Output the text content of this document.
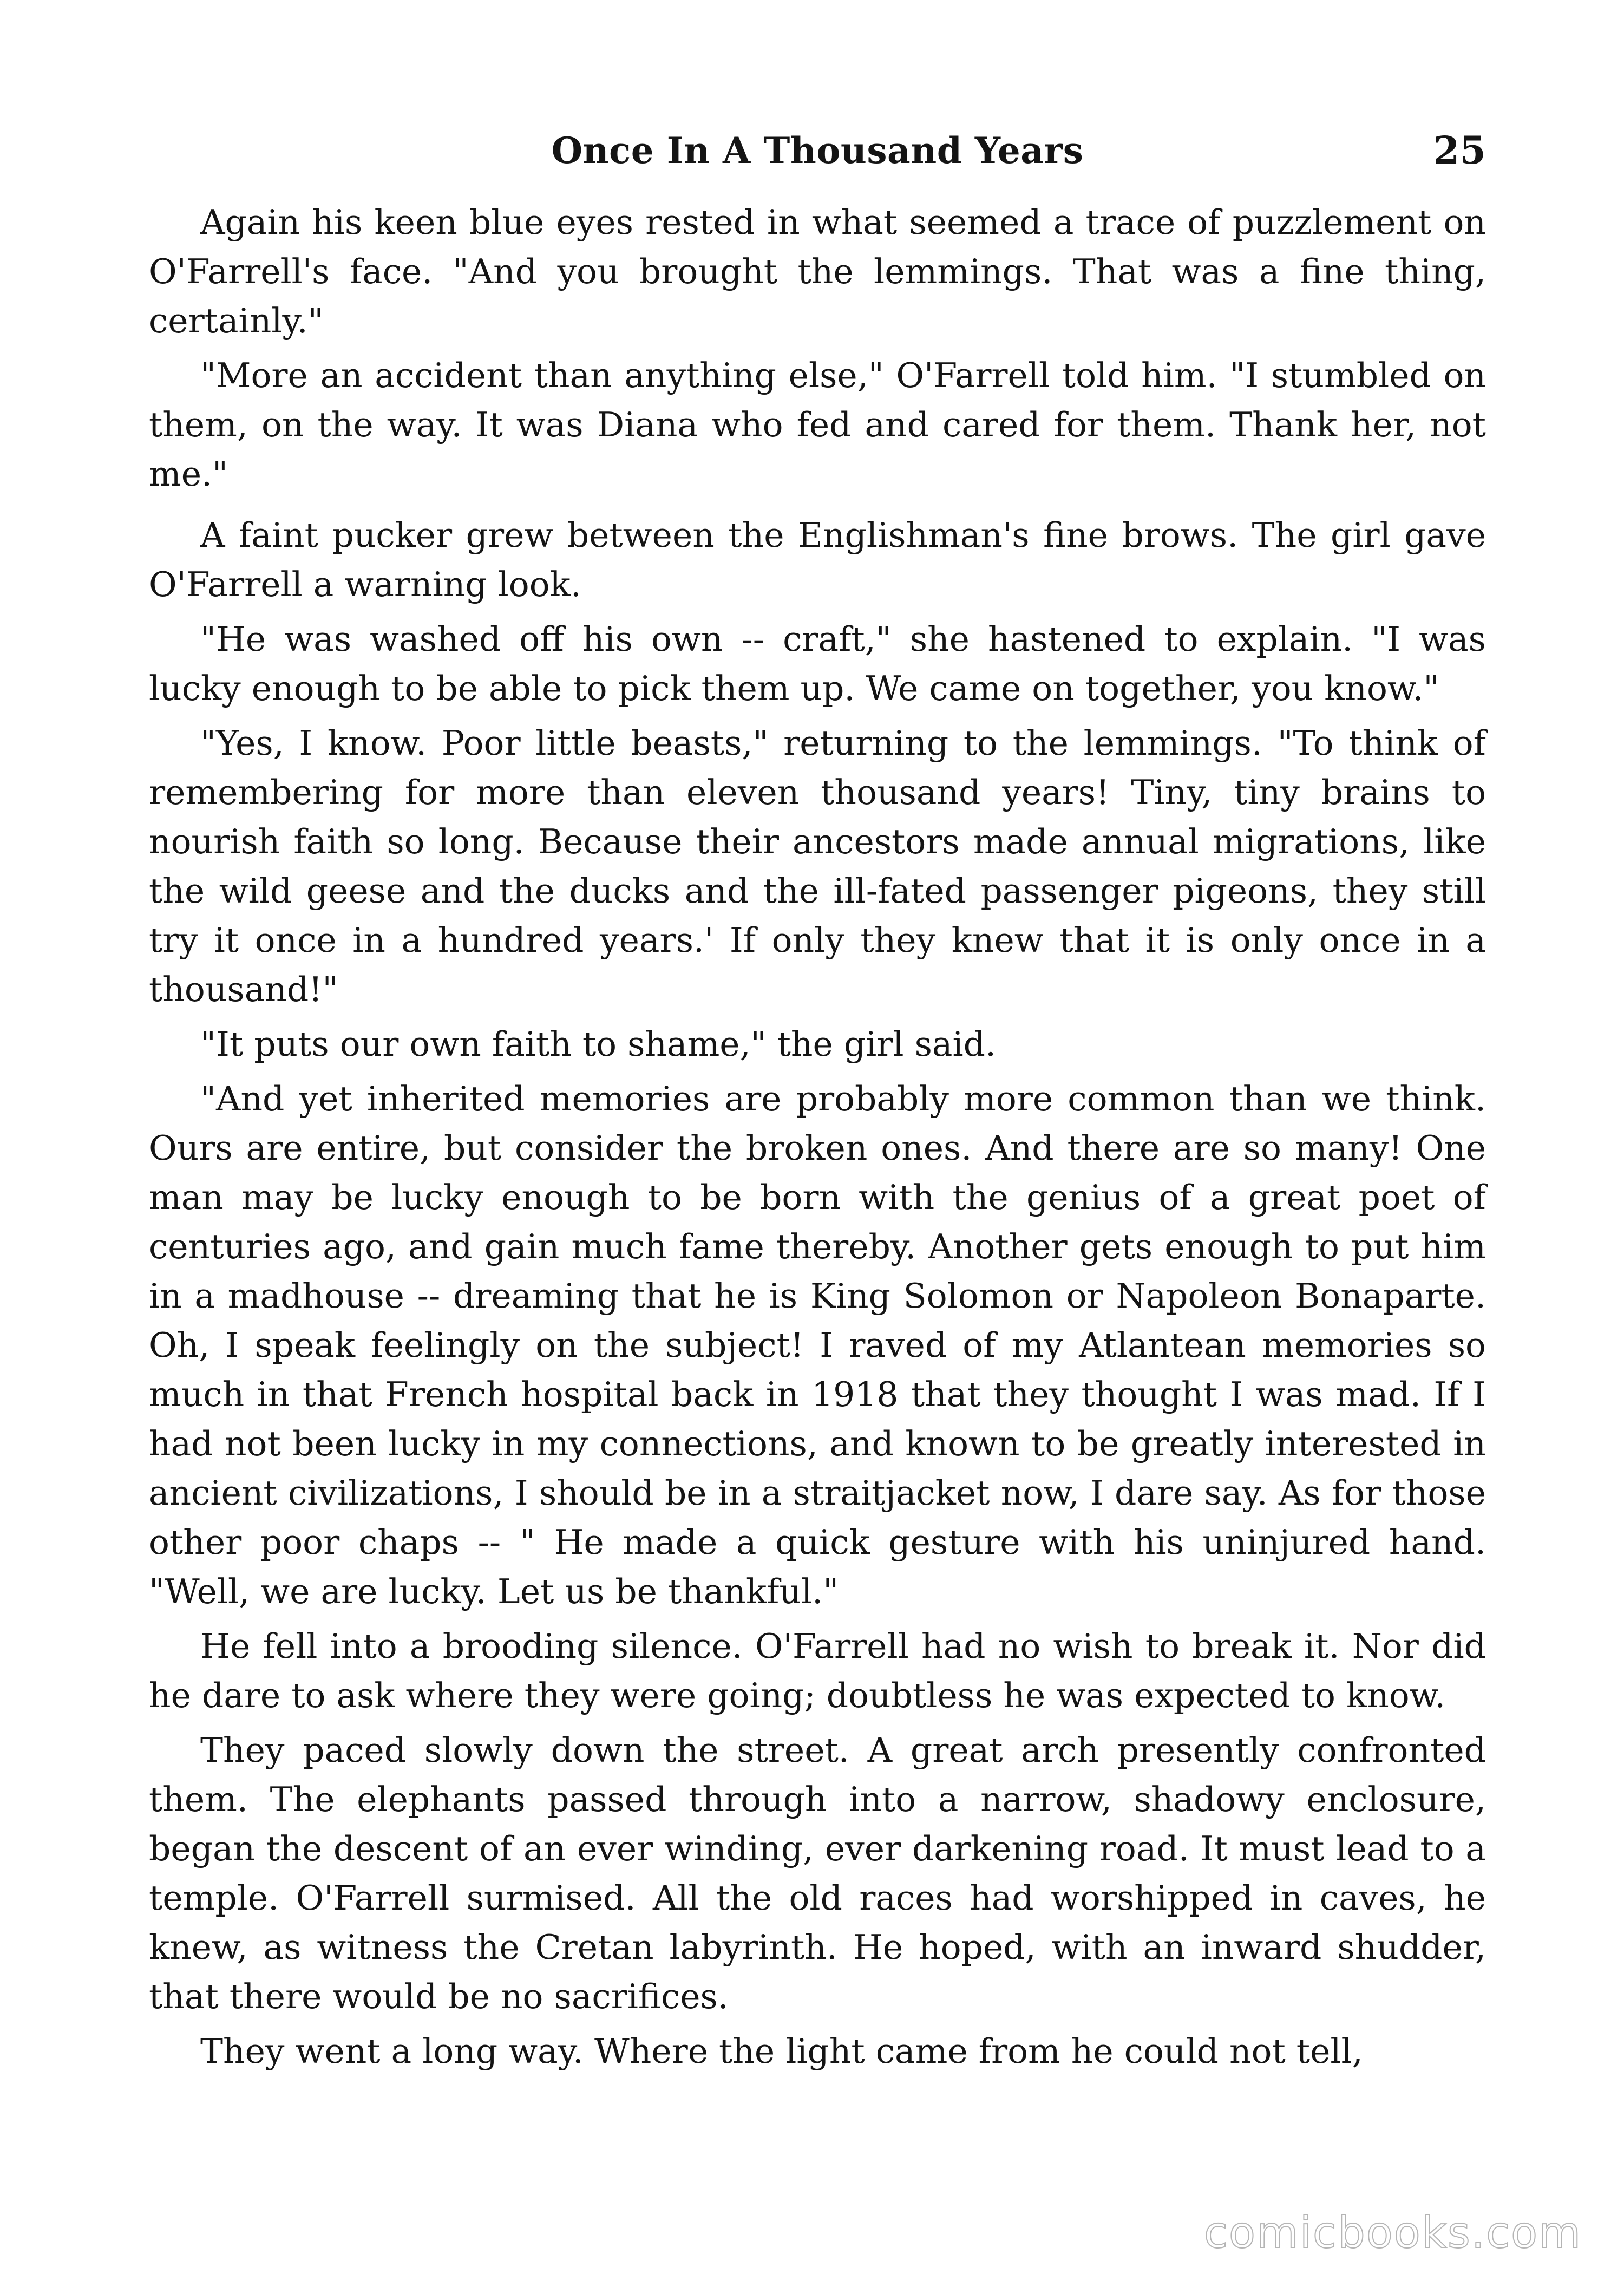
Once In A Thousand Years	25

Again his keen blue eyes rested in what seemed a trace of puzzlement on O'Farrell's face. "And you brought the lemmings. That was a fine thing, certainly."

"More an accident than anything else," O'Farrell told him. "I stumbled on them, on the way. It was Diana who fed and cared for them. Thank her, not me."

A faint pucker grew between the Englishman's fine brows. The girl gave O'Farrell a warning look.

"He was washed off his own -- craft," she hastened to explain. "I was lucky enough to be able to pick them up. We came on together, you know."

"Yes, I know. Poor little beasts," returning to the lemmings. "To think of remembering for more than eleven thousand years! Tiny, tiny brains to nourish faith so long. Because their ancestors made annual migrations, like the wild geese and the ducks and the ill-fated passenger pigeons, they still try it once in a hundred years.' If only they knew that it is only once in a thousand!"

"It puts our own faith to shame," the girl said.

"And yet inherited memories are probably more common than we think. Ours are entire, but consider the broken ones. And there are so many! One man may be lucky enough to be born with the genius of a great poet of centuries ago, and gain much fame thereby. Another gets enough to put him in a madhouse -- dreaming that he is King Solomon or Napoleon Bonaparte. Oh, I speak feelingly on the subject! I raved of my Atlantean memories so much in that French hospital back in 1918 that they thought I was mad. If I had not been lucky in my connections, and known to be greatly interested in ancient civilizations, I should be in a straitjacket now, I dare say. As for those other poor chaps -- " He made a quick gesture with his uninjured hand. "Well, we are lucky. Let us be thankful."

He fell into a brooding silence. O'Farrell had no wish to break it. Nor did he dare to ask where they were going; doubtless he was expected to know.

They paced slowly down the street. A great arch presently confronted them. The elephants passed through into a narrow, shadowy enclosure, began the descent of an ever winding, ever darkening road. It must lead to a temple. O'Farrell surmised. All the old races had worshipped in caves, he knew, as witness the Cretan labyrinth. He hoped, with an inward shudder, that there would be no sacrifices.

They went a long way. Where the light came from he could not tell,

comicbooks.com
